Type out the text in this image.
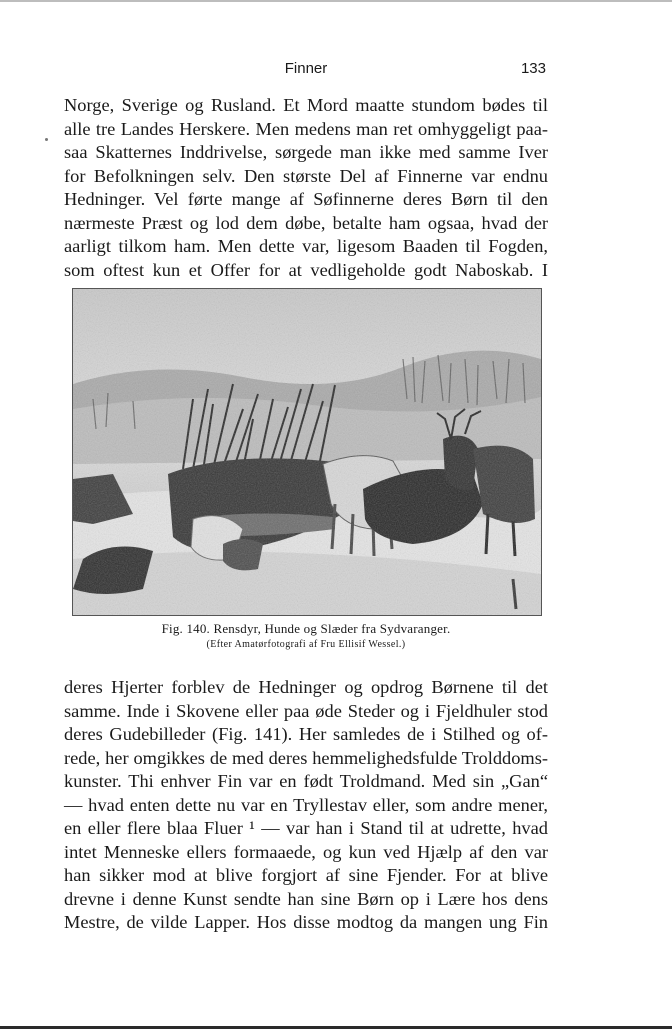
Finner	133
Norge, Sverige og Rusland. Et Mord maatte stundom bødes til
alle tre Landes Herskere. Men medens man ret omhyggeligt paa-
saa Skatternes Inddrivelse, sørgede man ikke med samme Iver
for Befolkningen selv. Den største Del af Finnerne var endnu
Hedninger. Vel førte mange af Søfinnerne deres Børn til den
nærmeste Præst og lod dem døbe, betalte ham ogsaa, hvad der
aarligt tilkom ham. Men dette var, ligesom Baaden til Fogden,
som oftest kun et Offer for at vedligeholde godt Naboskab. I

Fig. 140. Rensdyr, Hunde og Slæder fra Sydvaranger.

(Efter Amatørfotografi af Fru Ellisif Wessel.)

deres Hjerter forblev de Hedninger og opdrog Børnene til det
samme. Inde i Skovene eller paa øde Steder og i Fjeldhuler stod
deres Gudebilleder (Fig. 141). Her samledes de i Stilhed og of-
rede, her omgikkes de med deres hemmelighedsfulde Trolddoms-
kunster. Thi enhver Fin var en født Troldmand. Med sin „Gan“
— hvad enten dette nu var en Tryllestav eller, som andre mener,
en eller flere blaa Fluer ¹ — var han i Stand til at udrette, hvad
intet Menneske ellers formaaede, og kun ved Hjælp af den var
han sikker mod at blive forgjort af sine Fjender. For at blive
drevne i denne Kunst sendte han sine Børn op i Lære hos dens
Mestre, de vilde Lapper. Hos disse modtog da mangen ung Fin
